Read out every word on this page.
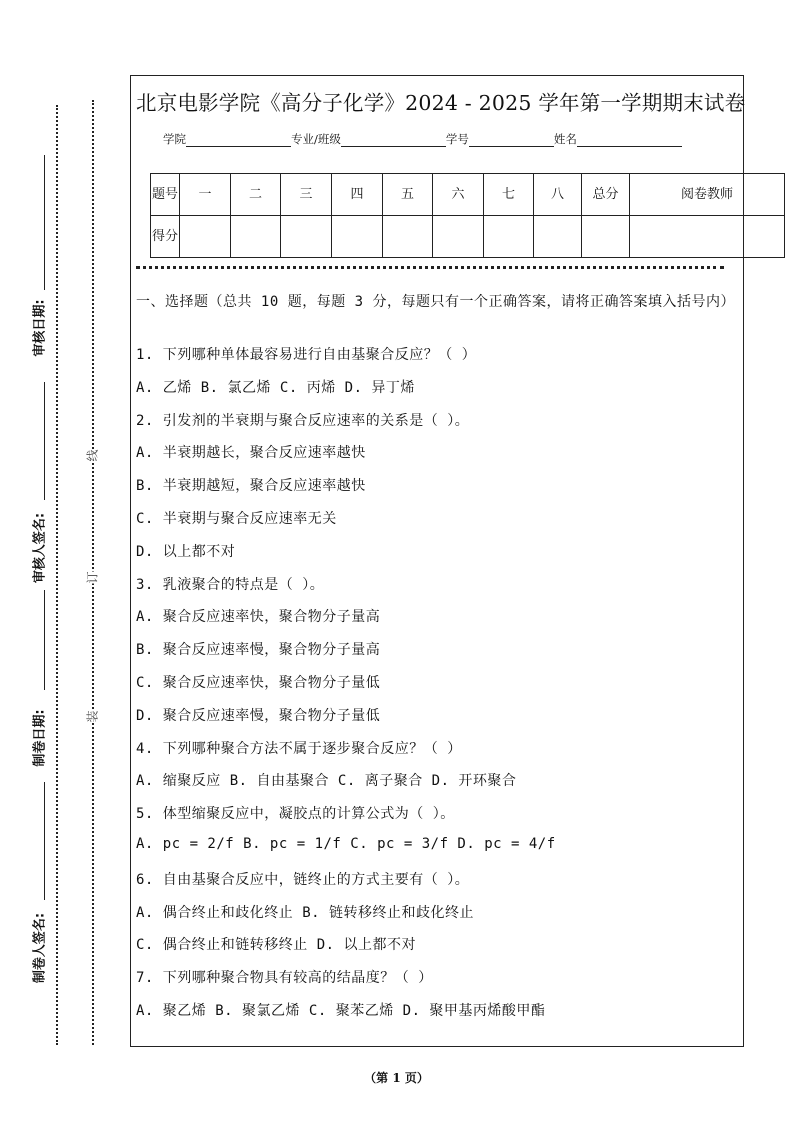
审核日期:
审核人签名:
制卷日期:
制卷人签名:
线
订
装
北京电影学院《高分子化学》2024 - 2025 学年第一学期期末试卷
学院	专业/班级	学号	姓名
题号	一	二	三	四	五	六	七	八	总分	阅卷教师
得分										
一、选择题（总共 10 题，每题 3 分，每题只有一个正确答案，请将正确答案填入括号内）
1. 下列哪种单体最容易进行自由基聚合反应？（ ）
A. 乙烯 B. 氯乙烯 C. 丙烯 D. 异丁烯
2. 引发剂的半衰期与聚合反应速率的关系是（ ）。
A. 半衰期越长，聚合反应速率越快
B. 半衰期越短，聚合反应速率越快
C. 半衰期与聚合反应速率无关
D. 以上都不对
3. 乳液聚合的特点是（ ）。
A. 聚合反应速率快，聚合物分子量高
B. 聚合反应速率慢，聚合物分子量高
C. 聚合反应速率快，聚合物分子量低
D. 聚合反应速率慢，聚合物分子量低
4. 下列哪种聚合方法不属于逐步聚合反应？（ ）
A. 缩聚反应 B. 自由基聚合 C. 离子聚合 D. 开环聚合
5. 体型缩聚反应中，凝胶点的计算公式为（ ）。
A. pc = 2/f B. pc = 1/f C. pc = 3/f D. pc = 4/f
6. 自由基聚合反应中，链终止的方式主要有（ ）。
A. 偶合终止和歧化终止 B. 链转移终止和歧化终止
C. 偶合终止和链转移终止 D. 以上都不对
7. 下列哪种聚合物具有较高的结晶度？（ ）
A. 聚乙烯 B. 聚氯乙烯 C. 聚苯乙烯 D. 聚甲基丙烯酸甲酯
（第 1 页）
